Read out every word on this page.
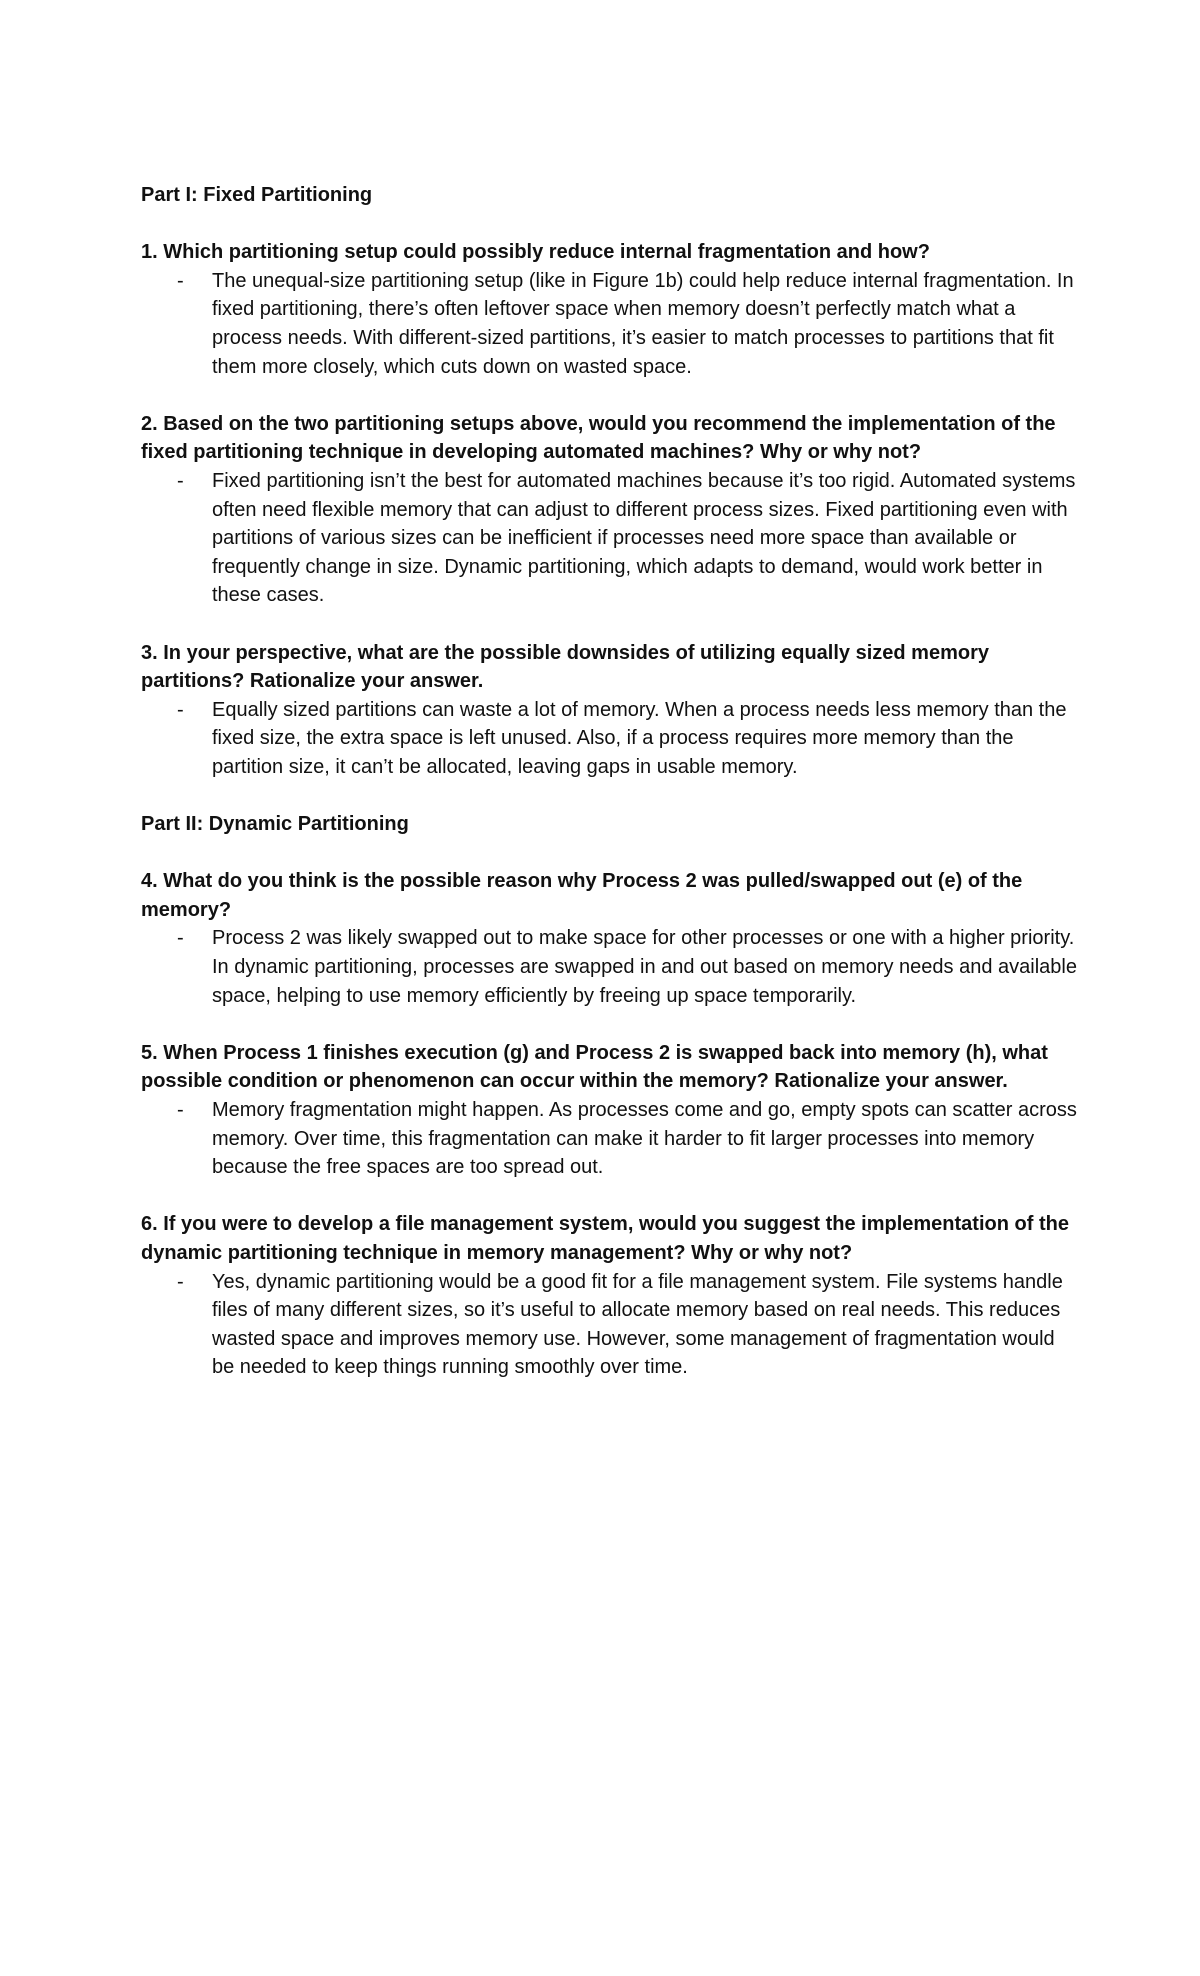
Part I: Fixed Partitioning

1. Which partitioning setup could possibly reduce internal fragmentation and how?

- The unequal-size partitioning setup (like in Figure 1b) could help reduce internal fragmentation. In fixed partitioning, there’s often leftover space when memory doesn’t perfectly match what a process needs. With different-sized partitions, it’s easier to match processes to partitions that fit them more closely, which cuts down on wasted space.

2. Based on the two partitioning setups above, would you recommend the implementation of the fixed partitioning technique in developing automated machines? Why or why not?

- Fixed partitioning isn’t the best for automated machines because it’s too rigid. Automated systems often need flexible memory that can adjust to different process sizes. Fixed partitioning even with partitions of various sizes can be inefficient if processes need more space than available or frequently change in size. Dynamic partitioning, which adapts to demand, would work better in these cases.

3. In your perspective, what are the possible downsides of utilizing equally sized memory partitions? Rationalize your answer.

- Equally sized partitions can waste a lot of memory. When a process needs less memory than the fixed size, the extra space is left unused. Also, if a process requires more memory than the partition size, it can’t be allocated, leaving gaps in usable memory.

Part II: Dynamic Partitioning

4. What do you think is the possible reason why Process 2 was pulled/swapped out (e) of the memory?

- Process 2 was likely swapped out to make space for other processes or one with a higher priority. In dynamic partitioning, processes are swapped in and out based on memory needs and available space, helping to use memory efficiently by freeing up space temporarily.

5. When Process 1 finishes execution (g) and Process 2 is swapped back into memory (h), what possible condition or phenomenon can occur within the memory? Rationalize your answer.

- Memory fragmentation might happen. As processes come and go, empty spots can scatter across memory. Over time, this fragmentation can make it harder to fit larger processes into memory because the free spaces are too spread out.

6. If you were to develop a file management system, would you suggest the implementation of the dynamic partitioning technique in memory management? Why or why not?

- Yes, dynamic partitioning would be a good fit for a file management system. File systems handle files of many different sizes, so it’s useful to allocate memory based on real needs. This reduces wasted space and improves memory use. However, some management of fragmentation would be needed to keep things running smoothly over time.
